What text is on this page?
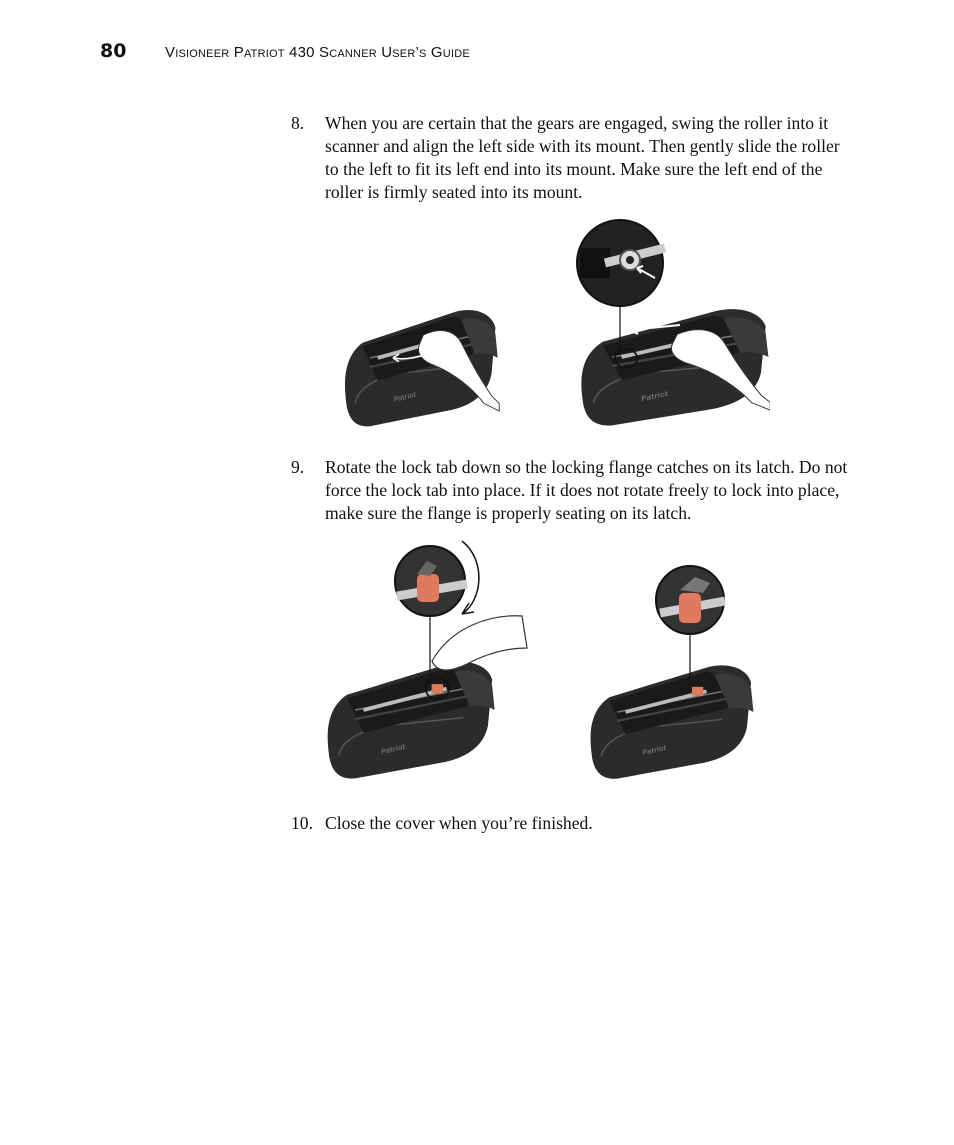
80	Visioneer Patriot 430 Scanner User’s Guide
8. When you are certain that the gears are engaged, swing the roller into it scanner and align the left side with its mount. Then gently slide the roller to the left to fit its left end into its mount. Make sure the left end of the roller is firmly seated into its mount.
9. Rotate the lock tab down so the locking flange catches on its latch. Do not force the lock tab into place. If it does not rotate freely to lock into place, make sure the flange is properly seating on its latch.
10. Close the cover when you’re finished.
